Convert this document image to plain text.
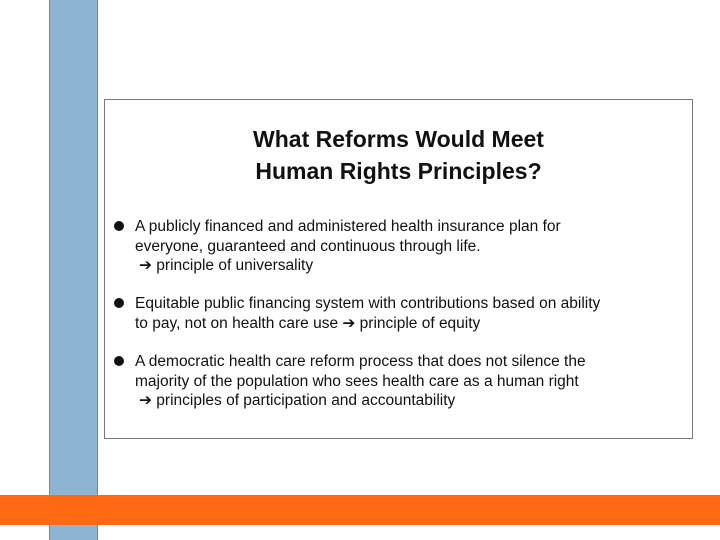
What Reforms Would Meet
Human Rights Principles?
A publicly financed and administered health insurance plan for
everyone, guaranteed and continuous through life.
➔ principle of universality
Equitable public financing system with contributions based on ability
to pay, not on health care use ➔ principle of equity
A democratic health care reform process that does not silence the
majority of the population who sees health care as a human right
➔ principles of participation and accountability
